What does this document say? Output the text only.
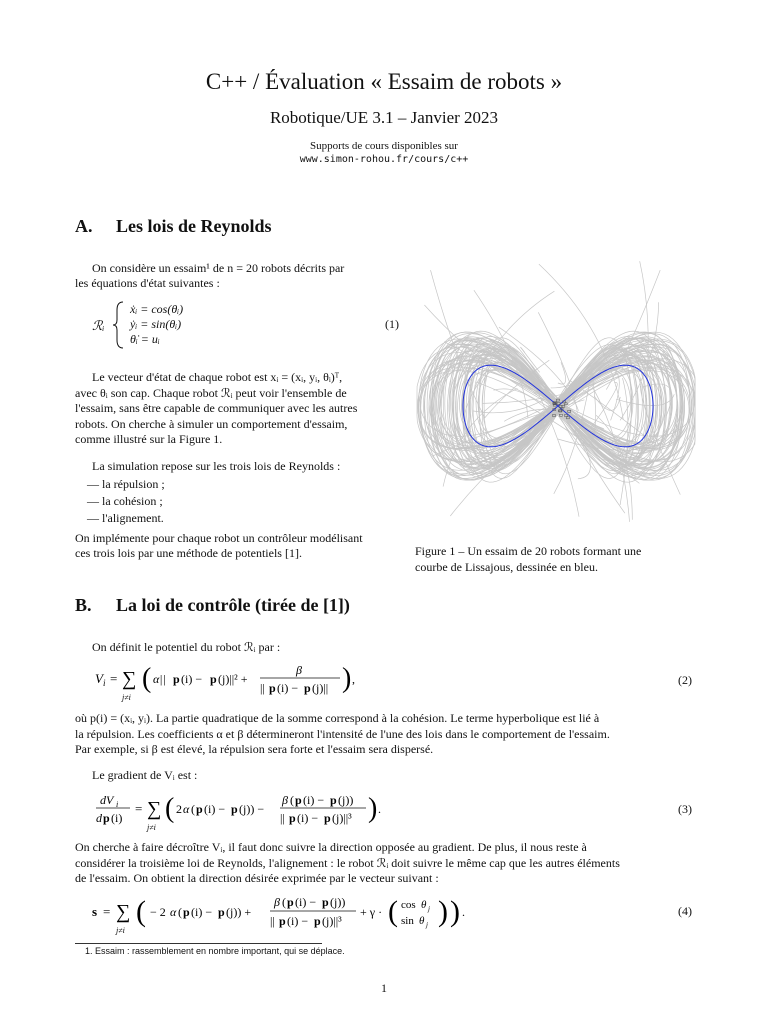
C++ / Évaluation « Essaim de robots »
Robotique/UE 3.1 – Janvier 2023
Supports de cours disponibles sur
www.simon-rohou.fr/cours/c++
A. Les lois de Reynolds
On considère un essaim¹ de n = 20 robots décrits par
les équations d'état suivantes :
ℛᵢ
ẋᵢ = cos(θᵢ)
ẏᵢ = sin(θᵢ)
θ̇ᵢ = uᵢ
(1)
Le vecteur d'état de chaque robot est xᵢ = (xᵢ, yᵢ, θᵢ)ᵀ,
avec θᵢ son cap. Chaque robot ℛᵢ peut voir l'ensemble de
l'essaim, sans être capable de communiquer avec les autres
robots. On cherche à simuler un comportement d'essaim,
comme illustré sur la Figure 1.
La simulation repose sur les trois lois de Reynolds :
— la répulsion ;
— la cohésion ;
— l'alignement.
On implémente pour chaque robot un contrôleur modélisant
ces trois lois par une méthode de potentiels [1].	Figure 1 – Un essaim de 20 robots formant une
courbe de Lissajous, dessinée en bleu.
B. La loi de contrôle (tirée de [1])
On définit le potentiel du robot ℛᵢ par :
V i = ∑
j≠i
( α|| p (i) − p (j)||² +
β
|| p (i) − p (j)|| ) ,	(2)
où p(i) = (xᵢ, yᵢ). La partie quadratique de la somme correspond à la cohésion. Le terme hyperbolique est lié à
la répulsion. Les coefficients α et β détermineront l'intensité de l'une des lois dans le comportement de l'essaim.
Par exemple, si β est élevé, la répulsion sera forte et l'essaim sera dispersé.
Le gradient de Vᵢ est :
dV i
d p (i)
= ∑
j≠i
( 2 α ( p (i) − p (j)) −
β ( p (i) − p (j))
|| p (i) − p (j)||³ ) .	(3)
On cherche à faire décroître Vᵢ, il faut donc suivre la direction opposée au gradient. De plus, il nous reste à
considérer la troisième loi de Reynolds, l'alignement : le robot ℛᵢ doit suivre le même cap que les autres éléments
de l'essaim. On obtient la direction désirée exprimée par le vecteur suivant :
s = ∑
j≠i
( − 2 α ( p (i) − p (j)) +
β ( p (i) − p (j))
|| p (i) − p (j)||³
+ γ · ( cos θ j
sin θ j ) ) .	(4)
1. Essaim : rassemblement en nombre important, qui se déplace.
1
